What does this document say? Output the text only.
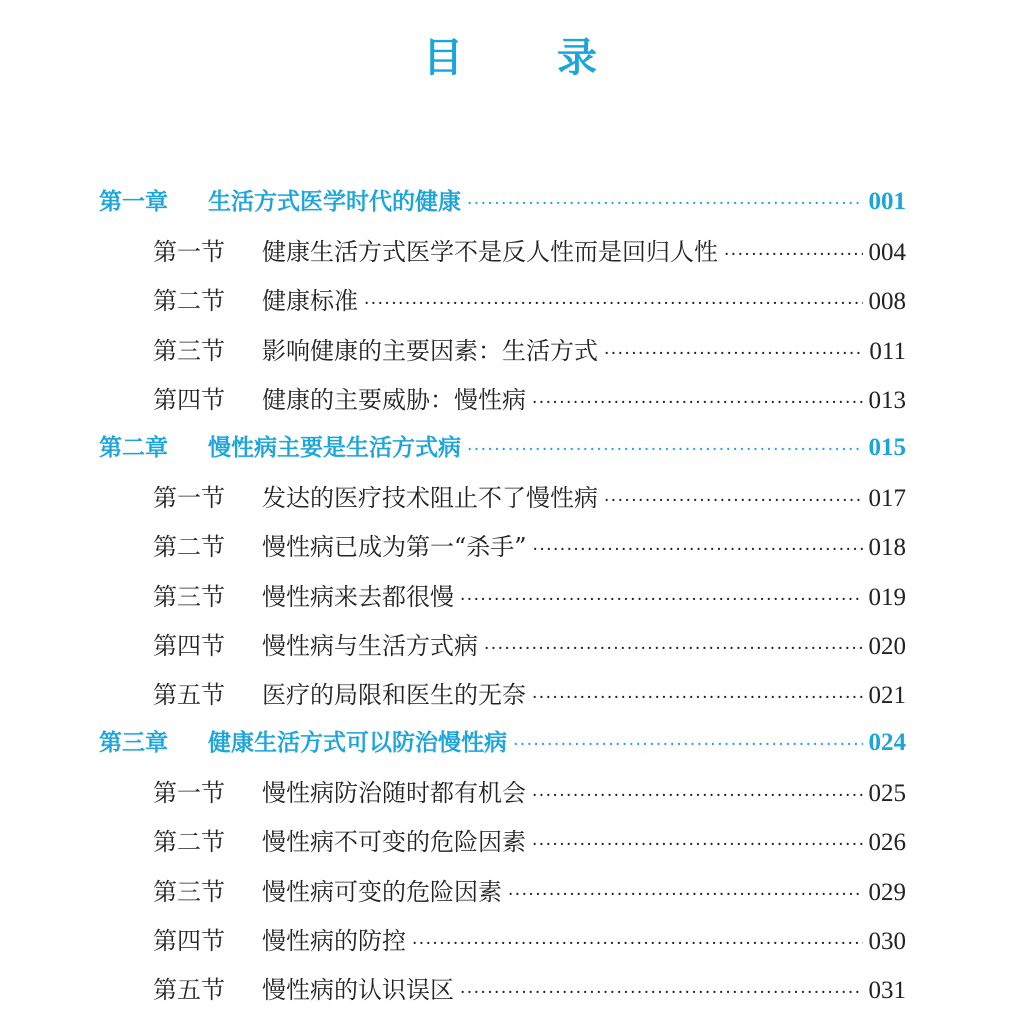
目 录
第一章	生活方式医学时代的健康 ·····	001
第一节	健康生活方式医学不是反人性而是回归人性 ·····	004
第二节	健康标准 ·····	008
第三节	影响健康的主要因素：生活方式 ·····	011
第四节	健康的主要威胁：慢性病 ·····	013
第二章	慢性病主要是生活方式病 ·····	015
第一节	发达的医疗技术阻止不了慢性病 ·····	017
第二节	慢性病已成为第一“杀手” ·····	018
第三节	慢性病来去都很慢 ·····	019
第四节	慢性病与生活方式病 ·····	020
第五节	医疗的局限和医生的无奈 ·····	021
第三章	健康生活方式可以防治慢性病 ·····	024
第一节	慢性病防治随时都有机会 ·····	025
第二节	慢性病不可变的危险因素 ·····	026
第三节	慢性病可变的危险因素 ·····	029
第四节	慢性病的防控 ·····	030
第五节	慢性病的认识误区 ·····	031
